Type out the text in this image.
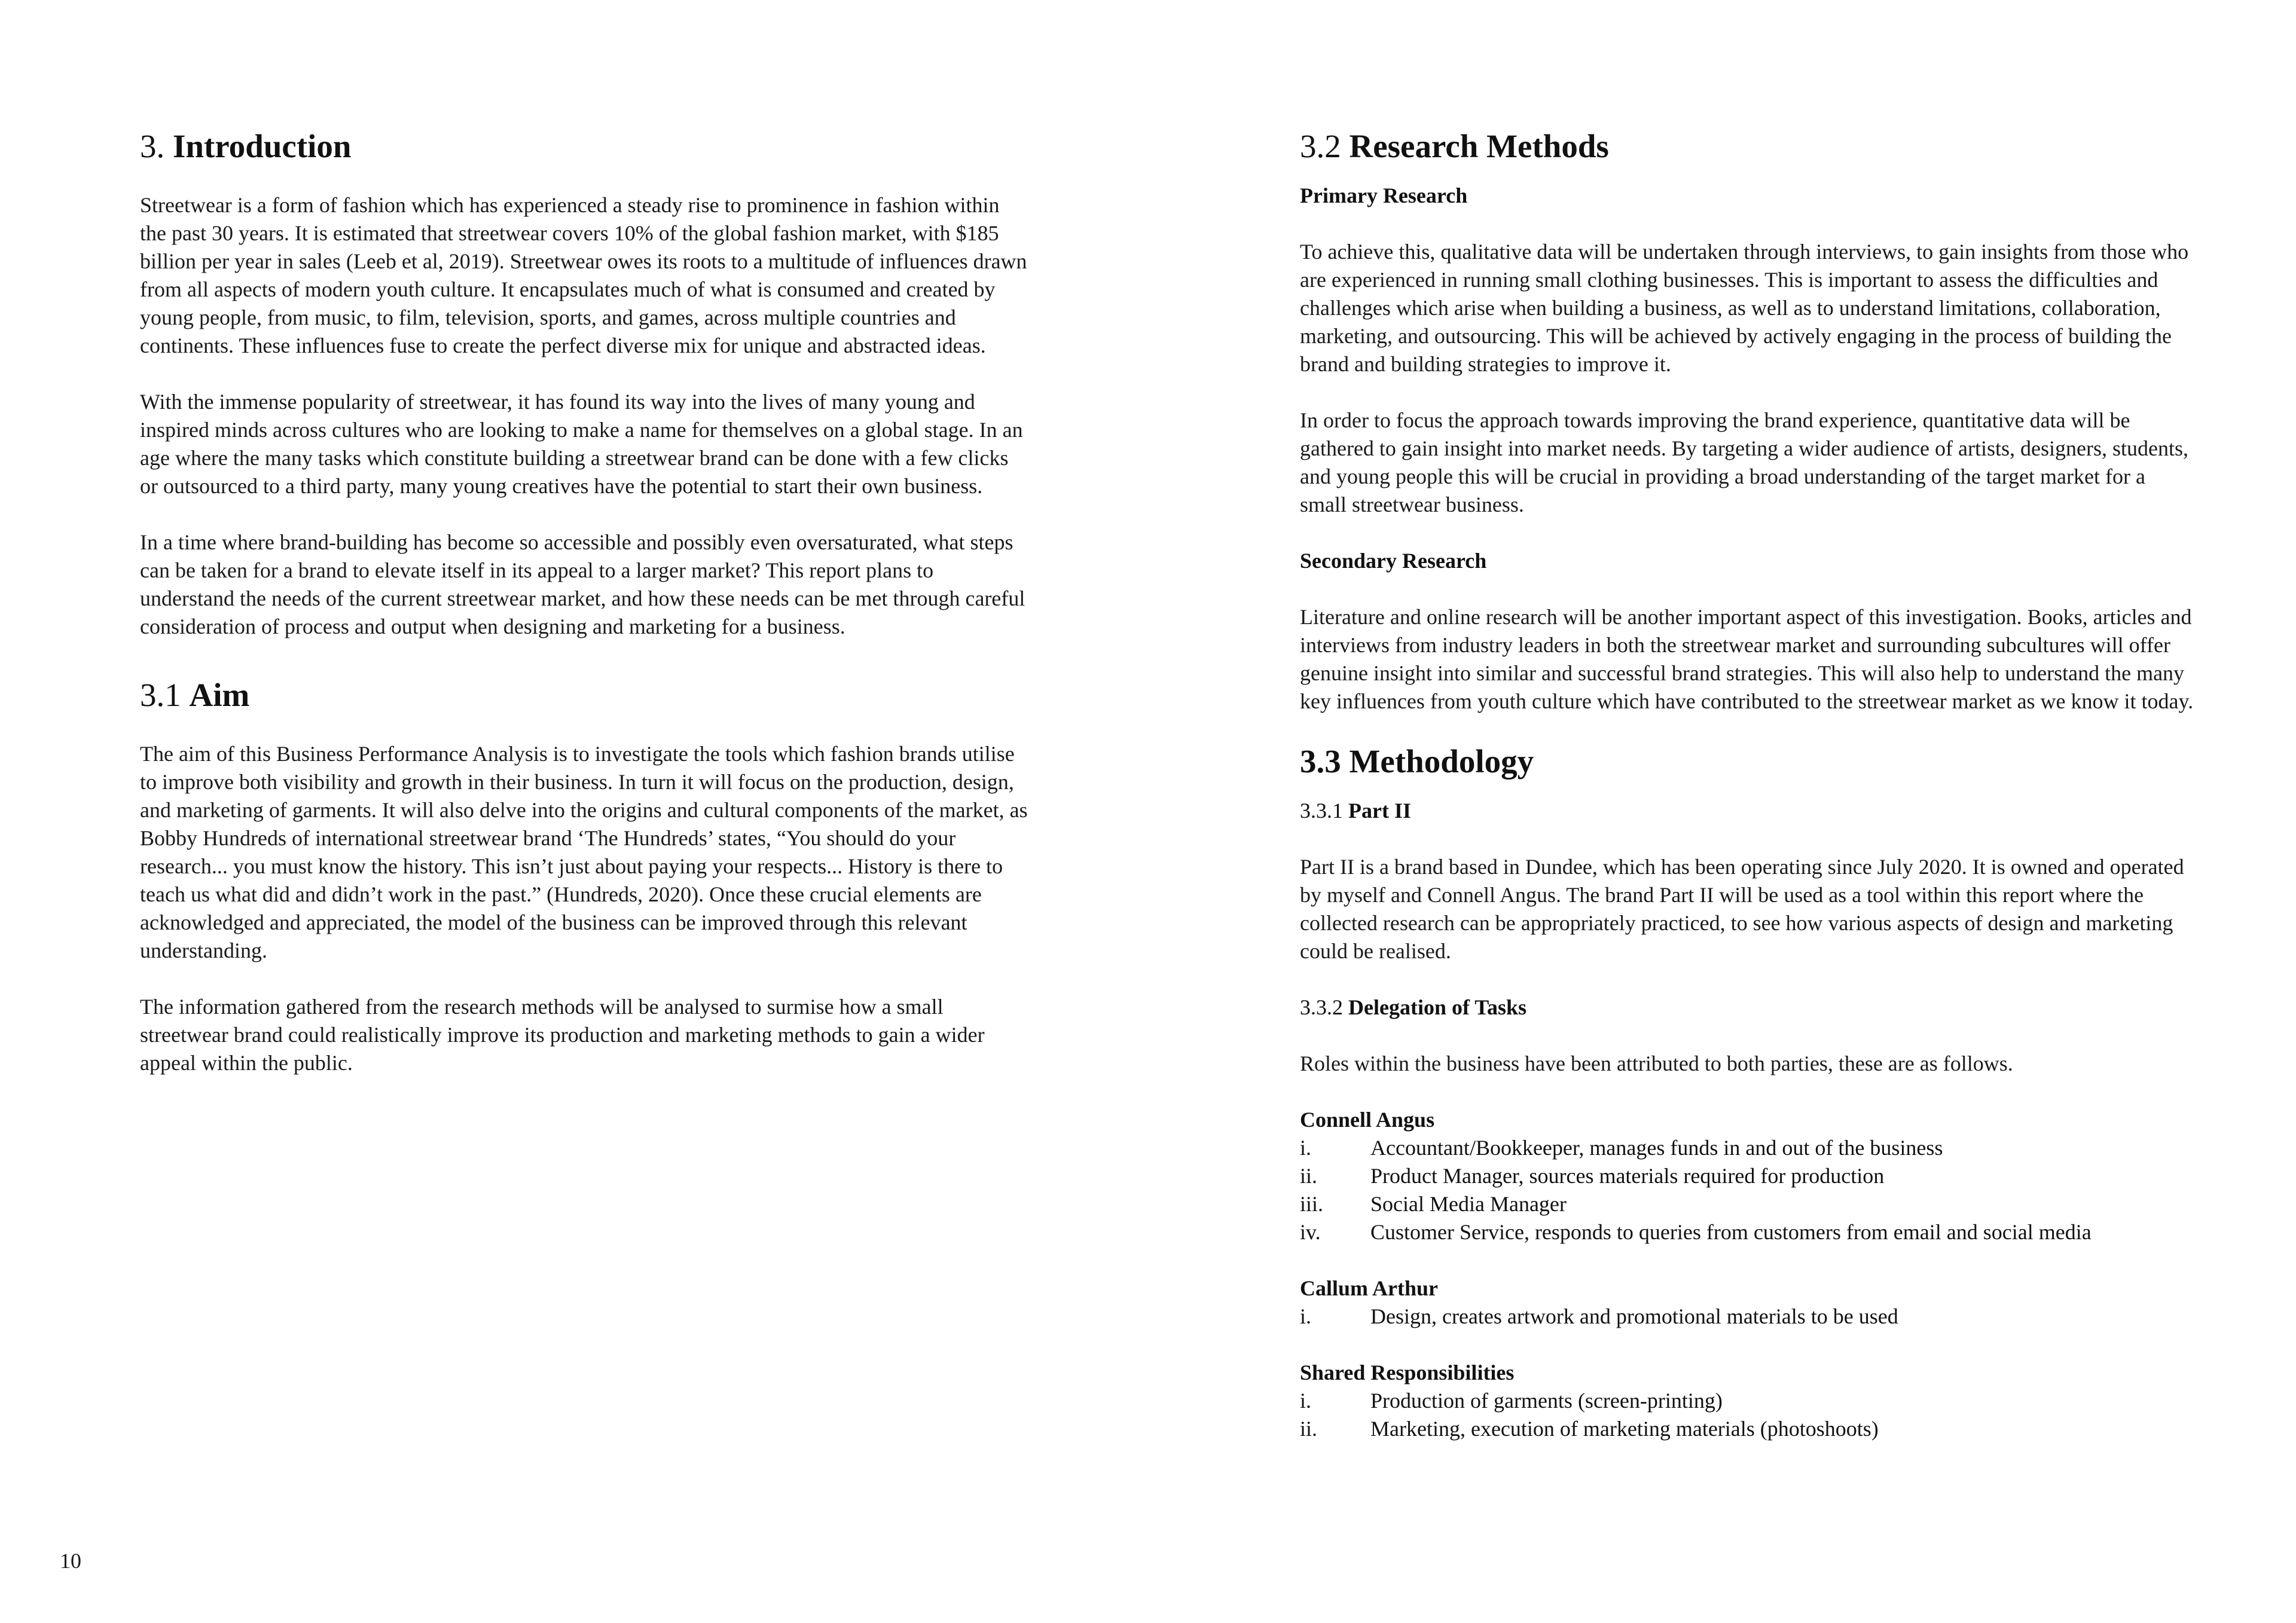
3. Introduction

Streetwear is a form of fashion which has experienced a steady rise to prominence in fashion within the past 30 years. It is estimated that streetwear covers 10% of the global fashion market, with $185 billion per year in sales (Leeb et al, 2019). Streetwear owes its roots to a multitude of influences drawn from all aspects of modern youth culture. It encapsulates much of what is consumed and created by young people, from music, to film, television, sports, and games, across multiple countries and continents. These influences fuse to create the perfect diverse mix for unique and abstracted ideas.

With the immense popularity of streetwear, it has found its way into the lives of many young and inspired minds across cultures who are looking to make a name for themselves on a global stage. In an age where the many tasks which constitute building a streetwear brand can be done with a few clicks or outsourced to a third party, many young creatives have the potential to start their own business.

In a time where brand-building has become so accessible and possibly even oversaturated, what steps can be taken for a brand to elevate itself in its appeal to a larger market? This report plans to understand the needs of the current streetwear market, and how these needs can be met through careful consideration of process and output when designing and marketing for a business.

3.1 Aim

The aim of this Business Performance Analysis is to investigate the tools which fashion brands utilise to improve both visibility and growth in their business. In turn it will focus on the production, design, and marketing of garments. It will also delve into the origins and cultural components of the market, as Bobby Hundreds of international streetwear brand ‘The Hundreds’ states, “You should do your research... you must know the history. This isn’t just about paying your respects... History is there to teach us what did and didn’t work in the past.” (Hundreds, 2020). Once these crucial elements are acknowledged and appreciated, the model of the business can be improved through this relevant understanding.

The information gathered from the research methods will be analysed to surmise how a small streetwear brand could realistically improve its production and marketing methods to gain a wider appeal within the public.

10
3.2 Research Methods
Primary Research

To achieve this, qualitative data will be undertaken through interviews, to gain insights from those who are experienced in running small clothing businesses. This is important to assess the difficulties and challenges which arise when building a business, as well as to understand limitations, collaboration, marketing, and outsourcing. This will be achieved by actively engaging in the process of building the brand and building strategies to improve it.

In order to focus the approach towards improving the brand experience, quantitative data will be gathered to gain insight into market needs. By targeting a wider audience of artists, designers, students, and young people this will be crucial in providing a broad understanding of the target market for a small streetwear business.

Secondary Research

Literature and online research will be another important aspect of this investigation. Books, articles and interviews from industry leaders in both the streetwear market and surrounding subcultures will offer genuine insight into similar and successful brand strategies. This will also help to understand the many key influences from youth culture which have contributed to the streetwear market as we know it today.

3.3 Methodology
3.3.1 Part II

Part II is a brand based in Dundee, which has been operating since July 2020. It is owned and operated by myself and Connell Angus. The brand Part II will be used as a tool within this report where the collected research can be appropriately practiced, to see how various aspects of design and marketing could be realised.

3.3.2 Delegation of Tasks

Roles within the business have been attributed to both parties, these are as follows.

Connell Angus
i.	Accountant/Bookkeeper, manages funds in and out of the business
ii.	Product Manager, sources materials required for production
iii.	Social Media Manager
iv.	Customer Service, responds to queries from customers from email and social media
Callum Arthur
i.	Design, creates artwork and promotional materials to be used
Shared Responsibilities
i.	Production of garments (screen-printing)
ii.	Marketing, execution of marketing materials (photoshoots)
